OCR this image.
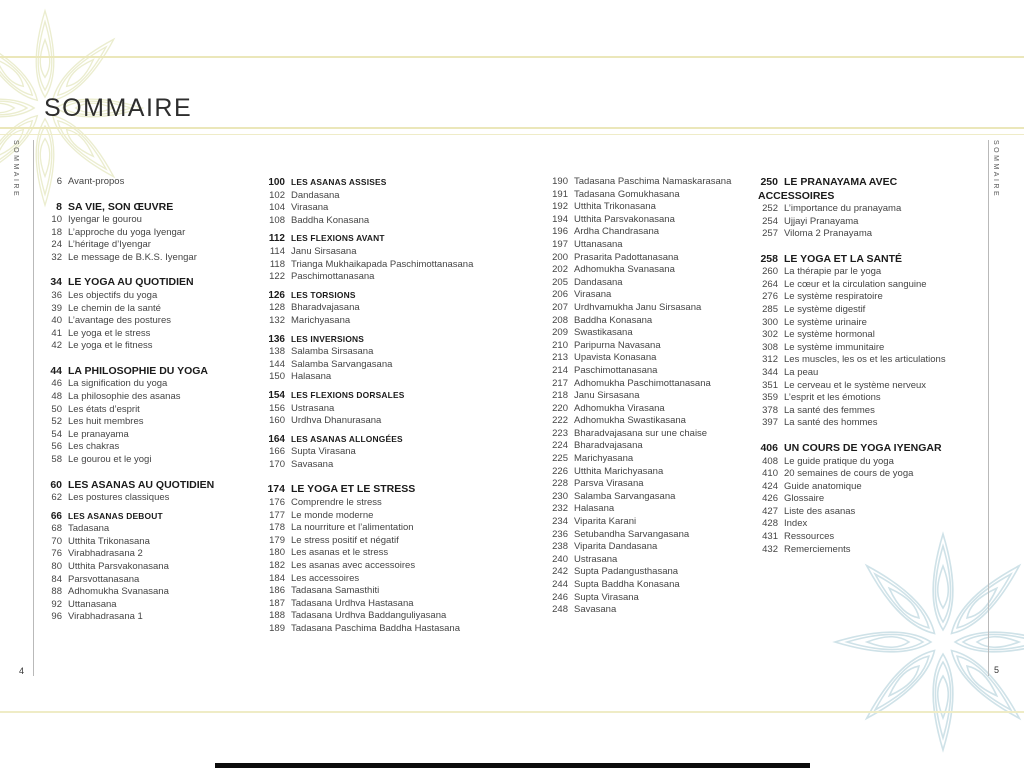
SOMMAIRE
SOMMAIRE	SOMMAIRE
6 Avant-propos
8 SA VIE, SON ŒUVRE
10 Iyengar le gourou
18 L’approche du yoga Iyengar
24 L’héritage d’Iyengar
32 Le message de B.K.S. Iyengar
34 LE YOGA AU QUOTIDIEN
36 Les objectifs du yoga
39 Le chemin de la santé
40 L’avantage des postures
41 Le yoga et le stress
42 Le yoga et le fitness
44 LA PHILOSOPHIE DU YOGA
46 La signification du yoga
48 La philosophie des asanas
50 Les états d’esprit
52 Les huit membres
54 Le pranayama
56 Les chakras
58 Le gourou et le yogi
60 LES ASANAS AU QUOTIDIEN
62 Les postures classiques
66 LES ASANAS DEBOUT
68 Tadasana
70 Utthita Trikonasana
76 Virabhadrasana 2
80 Utthita Parsvakonasana
84 Parsvottanasana
88 Adhomukha Svanasana
92 Uttanasana
96 Virabhadrasana 1
100 LES ASANAS ASSISES
102 Dandasana
104 Virasana
108 Baddha Konasana
112 LES FLEXIONS AVANT
114 Janu Sirsasana
118 Trianga Mukhaikapada Paschimottanasana
122 Paschimottanasana
126 LES TORSIONS
128 Bharadvajasana
132 Marichyasana
136 LES INVERSIONS
138 Salamba Sirsasana
144 Salamba Sarvangasana
150 Halasana
154 LES FLEXIONS DORSALES
156 Ustrasana
160 Urdhva Dhanurasana
164 LES ASANAS ALLONGÉES
166 Supta Virasana
170 Savasana
174 LE YOGA ET LE STRESS
176 Comprendre le stress
177 Le monde moderne
178 La nourriture et l’alimentation
179 Le stress positif et négatif
180 Les asanas et le stress
182 Les asanas avec accessoires
184 Les accessoires
186 Tadasana Samasthiti
187 Tadasana Urdhva Hastasana
188 Tadasana Urdhva Baddanguliyasana
189 Tadasana Paschima Baddha Hastasana
190 Tadasana Paschima Namaskarasana
191 Tadasana Gomukhasana
192 Utthita Trikonasana
194 Utthita Parsvakonasana
196 Ardha Chandrasana
197 Uttanasana
200 Prasarita Padottanasana
202 Adhomukha Svanasana
205 Dandasana
206 Virasana
207 Urdhvamukha Janu Sirsasana
208 Baddha Konasana
209 Swastikasana
210 Paripurna Navasana
213 Upavista Konasana
214 Paschimottanasana
217 Adhomukha Paschimottanasana
218 Janu Sirsasana
220 Adhomukha Virasana
222 Adhomukha Swastikasana
223 Bharadvajasana sur une chaise
224 Bharadvajasana
225 Marichyasana
226 Utthita Marichyasana
228 Parsva Virasana
230 Salamba Sarvangasana
232 Halasana
234 Viparita Karani
236 Setubandha Sarvangasana
238 Viparita Dandasana
240 Ustrasana
242 Supta Padangusthasana
244 Supta Baddha Konasana
246 Supta Virasana
248 Savasana
250 LE PRANAYAMA AVEC
ACCESSOIRES
252 L’importance du pranayama
254 Ujjayi Pranayama
257 Viloma 2 Pranayama
258 LE YOGA ET LA SANTÉ
260 La thérapie par le yoga
264 Le cœur et la circulation sanguine
276 Le système respiratoire
285 Le système digestif
300 Le système urinaire
302 Le système hormonal
308 Le système immunitaire
312 Les muscles, les os et les articulations
344 La peau
351 Le cerveau et le système nerveux
359 L’esprit et les émotions
378 La santé des femmes
397 La santé des hommes
406 UN COURS DE YOGA IYENGAR
408 Le guide pratique du yoga
410 20 semaines de cours de yoga
424 Guide anatomique
426 Glossaire
427 Liste des asanas
428 Index
431 Ressources
432 Remerciements
4	5
